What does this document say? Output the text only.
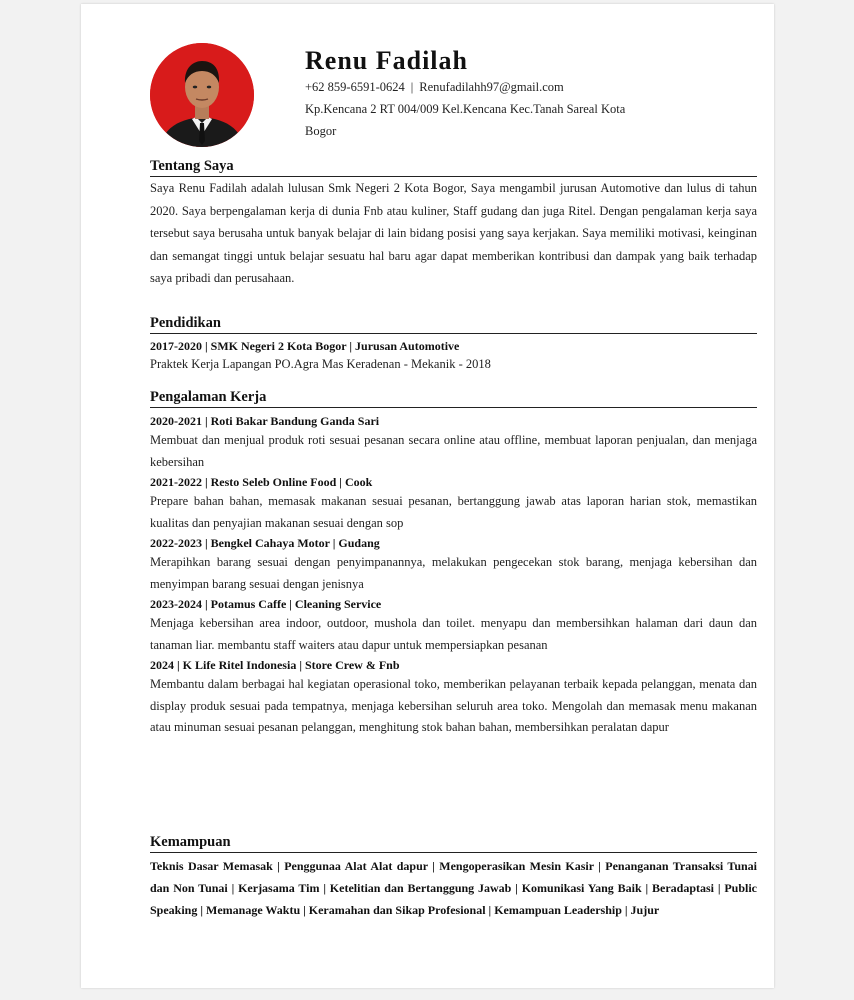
Renu Fadilah
+62 859-6591-0624 | Renufadilahh97@gmail.com
Kp.Kencana 2 RT 004/009 Kel.Kencana Kec.Tanah Sareal Kota Bogor
Tentang Saya
Saya Renu Fadilah adalah lulusan Smk Negeri 2 Kota Bogor, Saya mengambil jurusan Automotive dan lulus di tahun 2020. Saya berpengalaman kerja di dunia Fnb atau kuliner, Staff gudang dan juga Ritel. Dengan pengalaman kerja saya tersebut saya berusaha untuk banyak belajar di lain bidang posisi yang saya kerjakan. Saya memiliki motivasi, keinginan dan semangat tinggi untuk belajar sesuatu hal baru agar dapat memberikan kontribusi dan dampak yang baik terhadap saya pribadi dan perusahaan.
Pendidikan
2017-2020 | SMK Negeri 2 Kota Bogor | Jurusan Automotive
Praktek Kerja Lapangan PO.Agra Mas Keradenan - Mekanik - 2018
Pengalaman Kerja
2020-2021 | Roti Bakar Bandung Ganda Sari
Membuat dan menjual produk roti sesuai pesanan secara online atau offline, membuat laporan penjualan, dan menjaga kebersihan
2021-2022 | Resto Seleb Online Food | Cook
Prepare bahan bahan, memasak makanan sesuai pesanan, bertanggung jawab atas laporan harian stok, memastikan kualitas dan penyajian makanan sesuai dengan sop
2022-2023 | Bengkel Cahaya Motor | Gudang
Merapihkan barang sesuai dengan penyimpanannya, melakukan pengecekan stok barang, menjaga kebersihan dan menyimpan barang sesuai dengan jenisnya
2023-2024 | Potamus Caffe | Cleaning Service
Menjaga kebersihan area indoor, outdoor, mushola dan toilet. menyapu dan membersihkan halaman dari daun dan tanaman liar. membantu staff waiters atau dapur untuk mempersiapkan pesanan
2024 | K Life Ritel Indonesia | Store Crew & Fnb
Membantu dalam berbagai hal kegiatan operasional toko, memberikan pelayanan terbaik kepada pelanggan, menata dan display produk sesuai pada tempatnya, menjaga kebersihan seluruh area toko. Mengolah dan memasak menu makanan atau minuman sesuai pesanan pelanggan, menghitung stok bahan bahan, membersihkan peralatan dapur
Kemampuan
Teknis Dasar Memasak | Penggunaa Alat Alat dapur | Mengoperasikan Mesin Kasir | Penanganan Transaksi Tunai dan Non Tunai | Kerjasama Tim | Ketelitian dan Bertanggung Jawab | Komunikasi Yang Baik | Beradaptasi | Public Speaking | Memanage Waktu | Keramahan dan Sikap Profesional | Kemampuan Leadership | Jujur
